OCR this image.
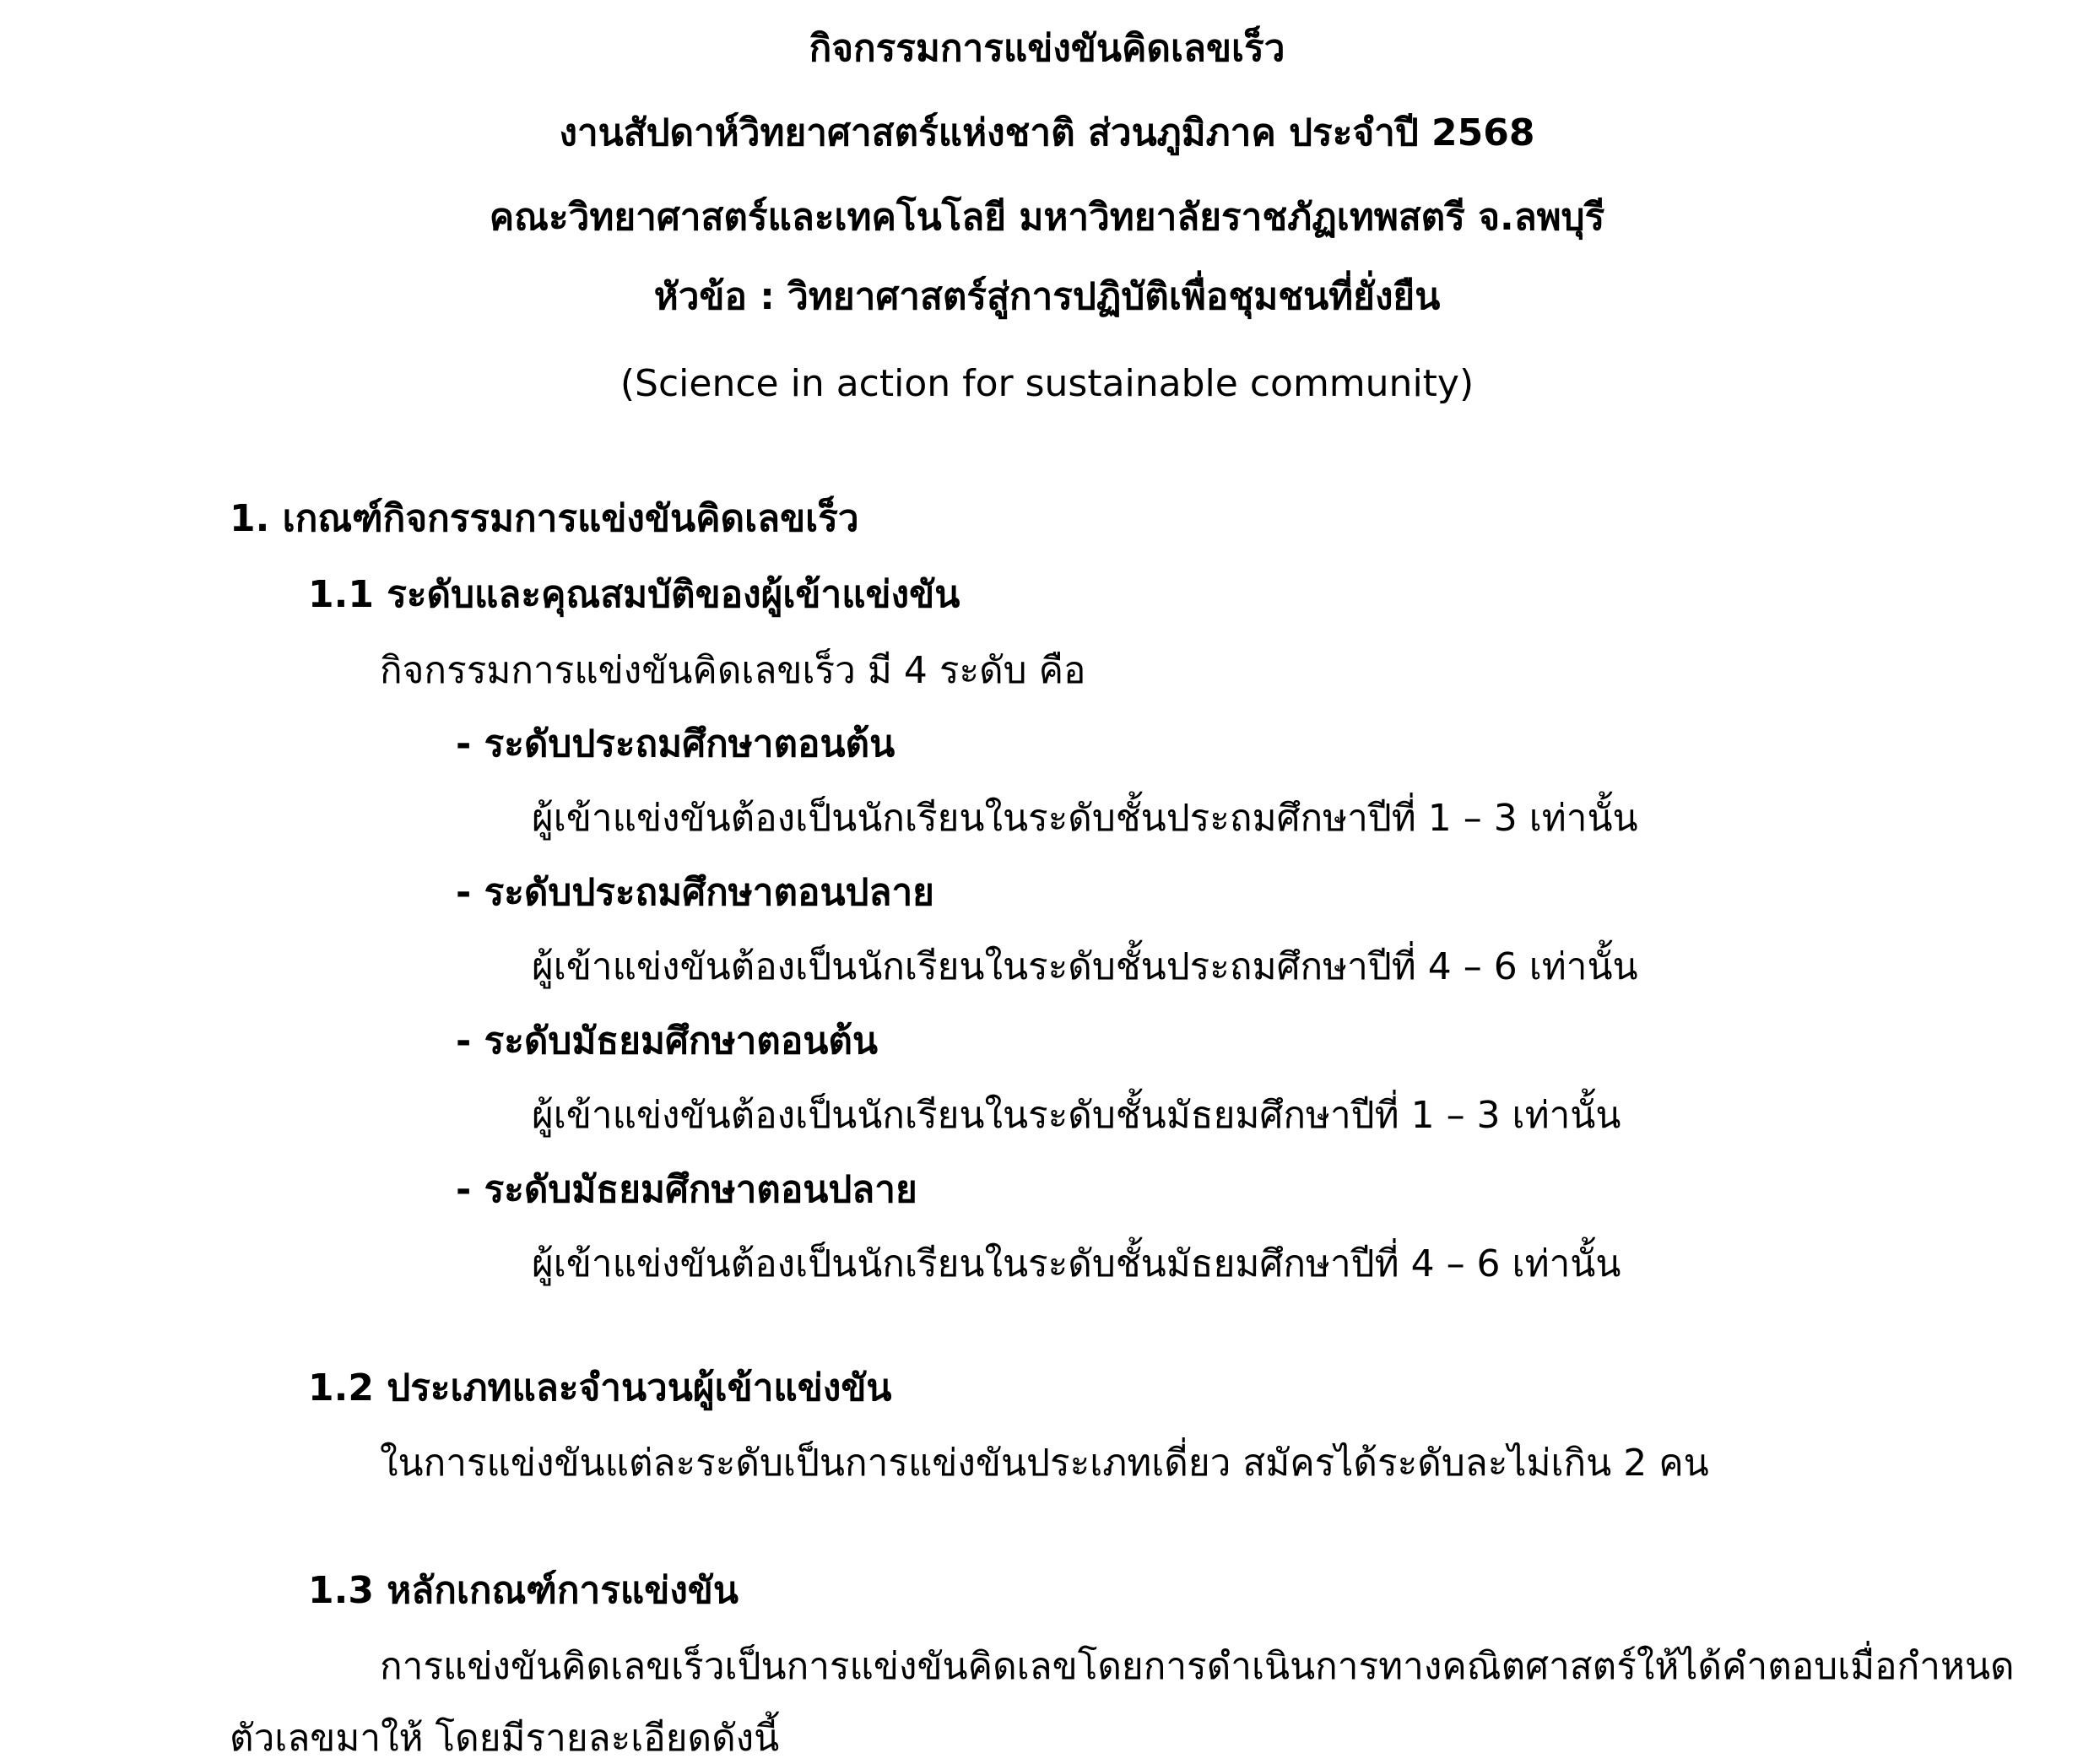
กิจกรรมการแข่งขันคิดเลขเร็ว

งานสัปดาห์วิทยาศาสตร์แห่งชาติ ส่วนภูมิภาค ประจำปี 2568

คณะวิทยาศาสตร์และเทคโนโลยี มหาวิทยาลัยราชภัฏเทพสตรี จ.ลพบุรี

หัวข้อ : วิทยาศาสตร์สู่การปฏิบัติเพื่อชุมชนที่ยั่งยืน

(Science in action for sustainable community)

1. เกณฑ์กิจกรรมการแข่งขันคิดเลขเร็ว

1.1 ระดับและคุณสมบัติของผู้เข้าแข่งขัน

กิจกรรมการแข่งขันคิดเลขเร็ว มี 4 ระดับ คือ

- ระดับประถมศึกษาตอนต้น

ผู้เข้าแข่งขันต้องเป็นนักเรียนในระดับชั้นประถมศึกษาปีที่ 1 – 3 เท่านั้น

- ระดับประถมศึกษาตอนปลาย

ผู้เข้าแข่งขันต้องเป็นนักเรียนในระดับชั้นประถมศึกษาปีที่ 4 – 6 เท่านั้น

- ระดับมัธยมศึกษาตอนต้น

ผู้เข้าแข่งขันต้องเป็นนักเรียนในระดับชั้นมัธยมศึกษาปีที่ 1 – 3 เท่านั้น

- ระดับมัธยมศึกษาตอนปลาย

ผู้เข้าแข่งขันต้องเป็นนักเรียนในระดับชั้นมัธยมศึกษาปีที่ 4 – 6 เท่านั้น

1.2 ประเภทและจำนวนผู้เข้าแข่งขัน

ในการแข่งขันแต่ละระดับเป็นการแข่งขันประเภทเดี่ยว สมัครได้ระดับละไม่เกิน 2 คน

1.3 หลักเกณฑ์การแข่งขัน

การแข่งขันคิดเลขเร็วเป็นการแข่งขันคิดเลขโดยการดำเนินการทางคณิตศาสตร์ให้ได้คำตอบเมื่อกำหนด

ตัวเลขมาให้ โดยมีรายละเอียดดังนี้
